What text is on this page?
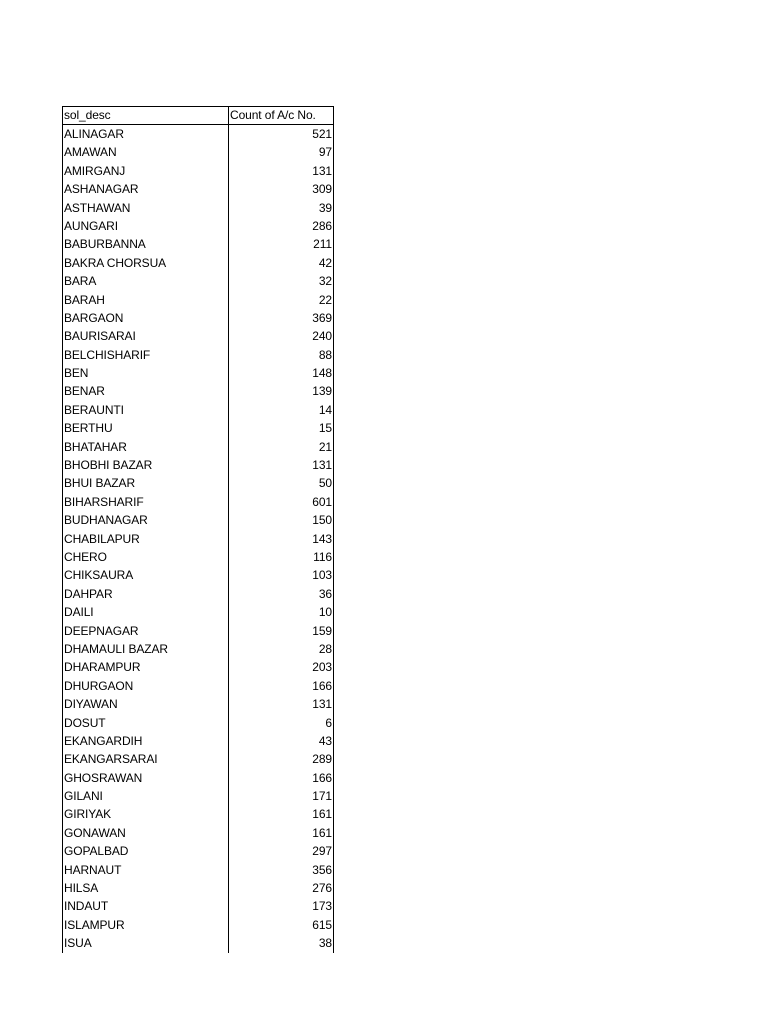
sol_desc	Count of A/c No.
ALINAGAR	521
AMAWAN	97
AMIRGANJ	131
ASHANAGAR	309
ASTHAWAN	39
AUNGARI	286
BABURBANNA	211
BAKRA CHORSUA	42
BARA	32
BARAH	22
BARGAON	369
BAURISARAI	240
BELCHISHARIF	88
BEN	148
BENAR	139
BERAUNTI	14
BERTHU	15
BHATAHAR	21
BHOBHI BAZAR	131
BHUI BAZAR	50
BIHARSHARIF	601
BUDHANAGAR	150
CHABILAPUR	143
CHERO	116
CHIKSAURA	103
DAHPAR	36
DAILI	10
DEEPNAGAR	159
DHAMAULI BAZAR	28
DHARAMPUR	203
DHURGAON	166
DIYAWAN	131
DOSUT	6
EKANGARDIH	43
EKANGARSARAI	289
GHOSRAWAN	166
GILANI	171
GIRIYAK	161
GONAWAN	161
GOPALBAD	297
HARNAUT	356
HILSA	276
INDAUT	173
ISLAMPUR	615
ISUA	38
